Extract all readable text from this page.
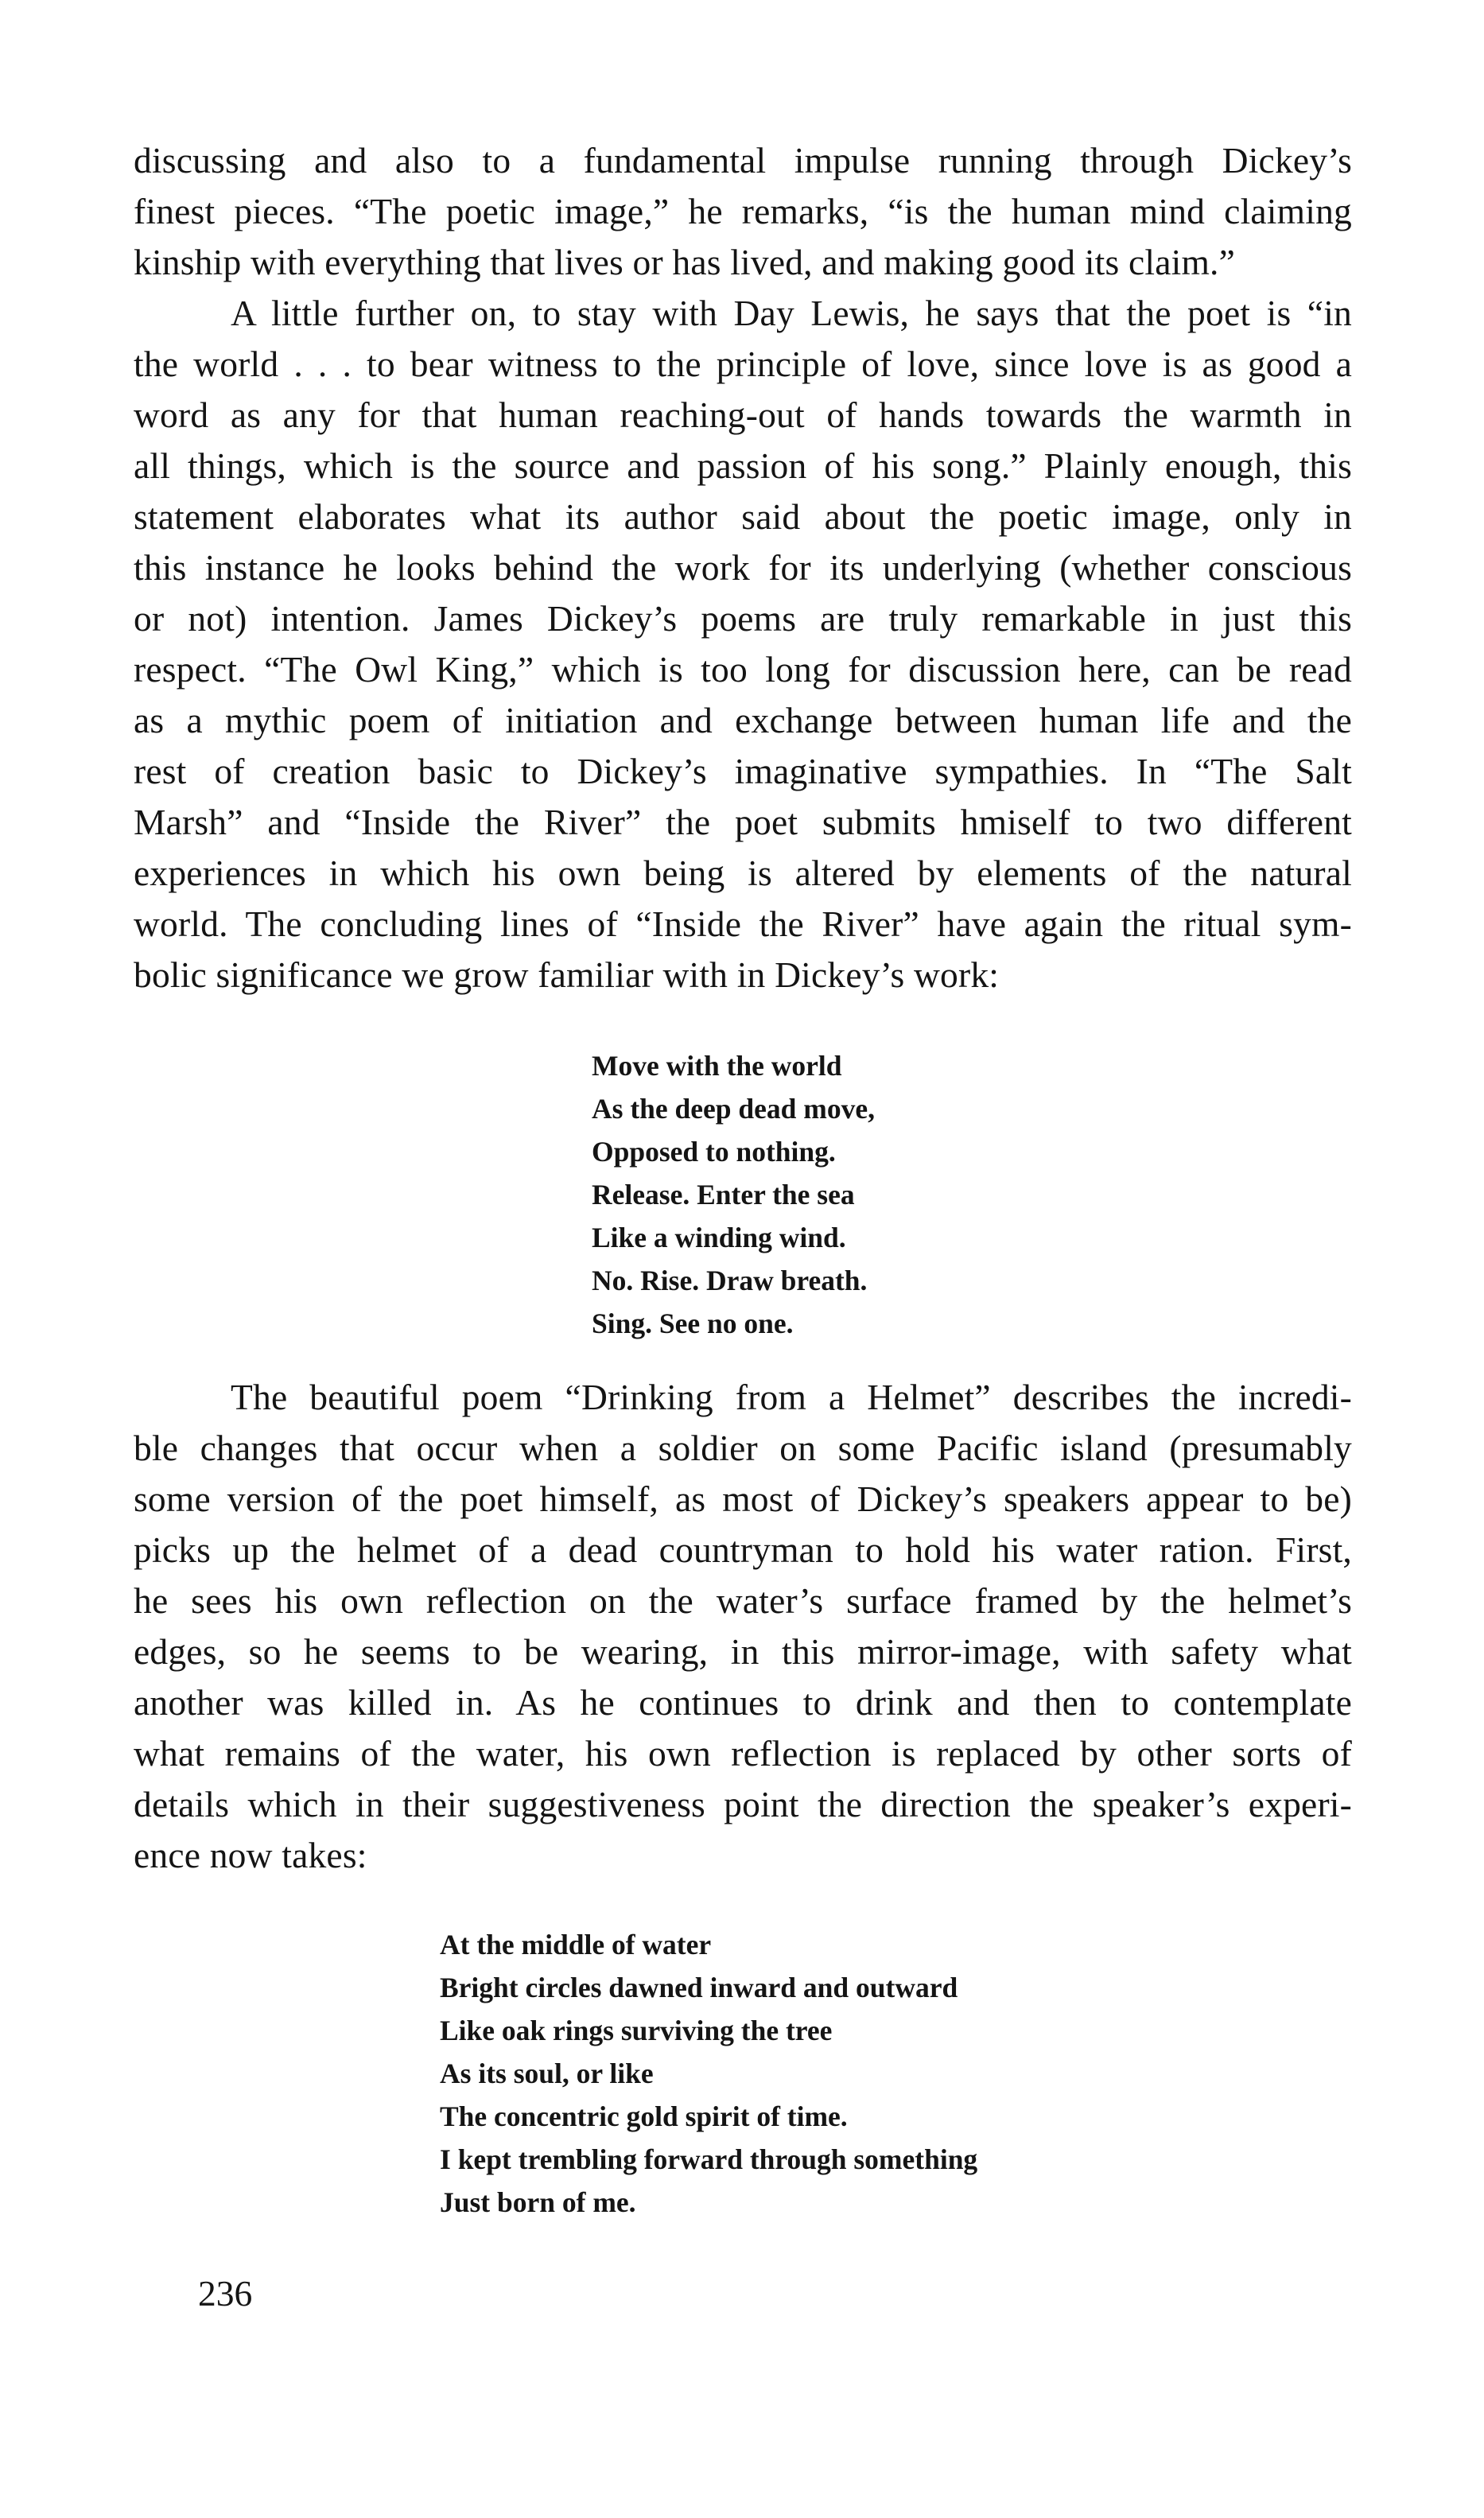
discussing and also to a fundamental impulse running through Dickey’s
finest pieces. “The poetic image,” he remarks, “is the human mind claiming
kinship with everything that lives or has lived, and making good its claim.”
A little further on, to stay with Day Lewis, he says that the poet is “in
the world . . . to bear witness to the principle of love, since love is as good a
word as any for that human reaching-out of hands towards the warmth in
all things, which is the source and passion of his song.” Plainly enough, this
statement elaborates what its author said about the poetic image, only in
this instance he looks behind the work for its underlying (whether conscious
or not) intention. James Dickey’s poems are truly remarkable in just this
respect. “The Owl King,” which is too long for discussion here, can be read
as a mythic poem of initiation and exchange between human life and the
rest of creation basic to Dickey’s imaginative sympathies. In “The Salt
Marsh” and “Inside the River” the poet submits hmiself to two different
experiences in which his own being is altered by elements of the natural
world. The concluding lines of “Inside the River” have again the ritual sym-
bolic significance we grow familiar with in Dickey’s work:
Move with the world
As the deep dead move,
Opposed to nothing.
Release. Enter the sea
Like a winding wind.
No. Rise. Draw breath.
Sing. See no one.
The beautiful poem “Drinking from a Helmet” describes the incredi-
ble changes that occur when a soldier on some Pacific island (presumably
some version of the poet himself, as most of Dickey’s speakers appear to be)
picks up the helmet of a dead countryman to hold his water ration. First,
he sees his own reflection on the water’s surface framed by the helmet’s
edges, so he seems to be wearing, in this mirror-image, with safety what
another was killed in. As he continues to drink and then to contemplate
what remains of the water, his own reflection is replaced by other sorts of
details which in their suggestiveness point the direction the speaker’s experi-
ence now takes:
At the middle of water
Bright circles dawned inward and outward
Like oak rings surviving the tree
As its soul, or like
The concentric gold spirit of time.
I kept trembling forward through something
Just born of me.
236
